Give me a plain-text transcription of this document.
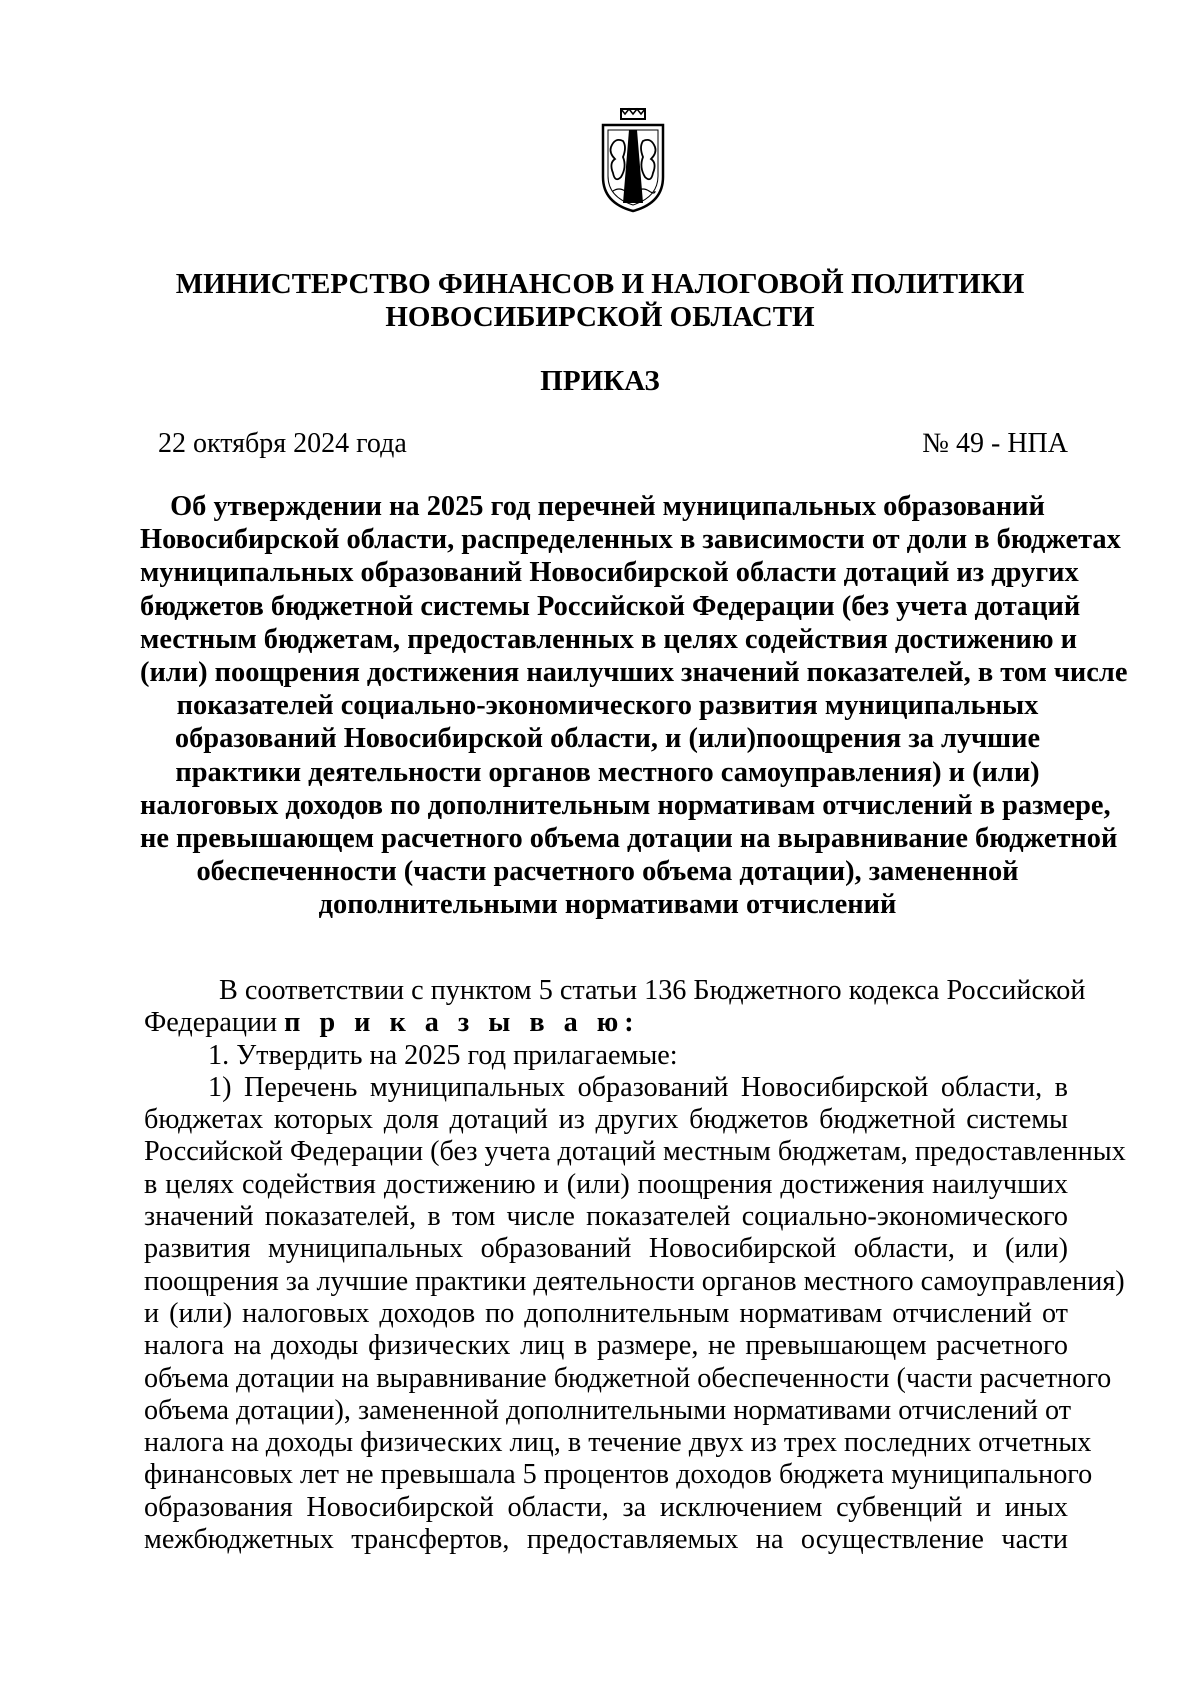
МИНИСТЕРСТВО ФИНАНСОВ И НАЛОГОВОЙ ПОЛИТИКИ
НОВОСИБИРСКОЙ ОБЛАСТИ
ПРИКАЗ
22 октября 2024 года	№ 49 - НПА
Об утверждении на 2025 год перечней муниципальных образований
Новосибирской области, распределенных в зависимости от доли в бюджетах
муниципальных образований Новосибирской области дотаций из других
бюджетов бюджетной системы Российской Федерации (без учета дотаций
местным бюджетам, предоставленных в целях содействия достижению и
(или) поощрения достижения наилучших значений показателей, в том числе
показателей социально-экономического развития муниципальных
образований Новосибирской области, и (или)поощрения за лучшие
практики деятельности органов местного самоуправления) и (или)
налоговых доходов по дополнительным нормативам отчислений в размере,
не превышающем расчетного объема дотации на выравнивание бюджетной
обеспеченности (части расчетного объема дотации), замененной
дополнительными нормативами отчислений
В соответствии с пунктом 5 статьи 136 Бюджетного кодекса Российской
Федерации п р и к а з ы в а ю:
1. Утвердить на 2025 год прилагаемые:
1) Перечень муниципальных образований Новосибирской области, в
бюджетах которых доля дотаций из других бюджетов бюджетной системы
Российской Федерации (без учета дотаций местным бюджетам, предоставленных
в целях содействия достижению и (или) поощрения достижения наилучших
значений показателей, в том числе показателей социально-экономического
развития муниципальных образований Новосибирской области, и (или)
поощрения за лучшие практики деятельности органов местного самоуправления)
и (или) налоговых доходов по дополнительным нормативам отчислений от
налога на доходы физических лиц в размере, не превышающем расчетного
объема дотации на выравнивание бюджетной обеспеченности (части расчетного
объема дотации), замененной дополнительными нормативами отчислений от
налога на доходы физических лиц, в течение двух из трех последних отчетных
финансовых лет не превышала 5 процентов доходов бюджета муниципального
образования Новосибирской области, за исключением субвенций и иных
межбюджетных трансфертов, предоставляемых на осуществление части
